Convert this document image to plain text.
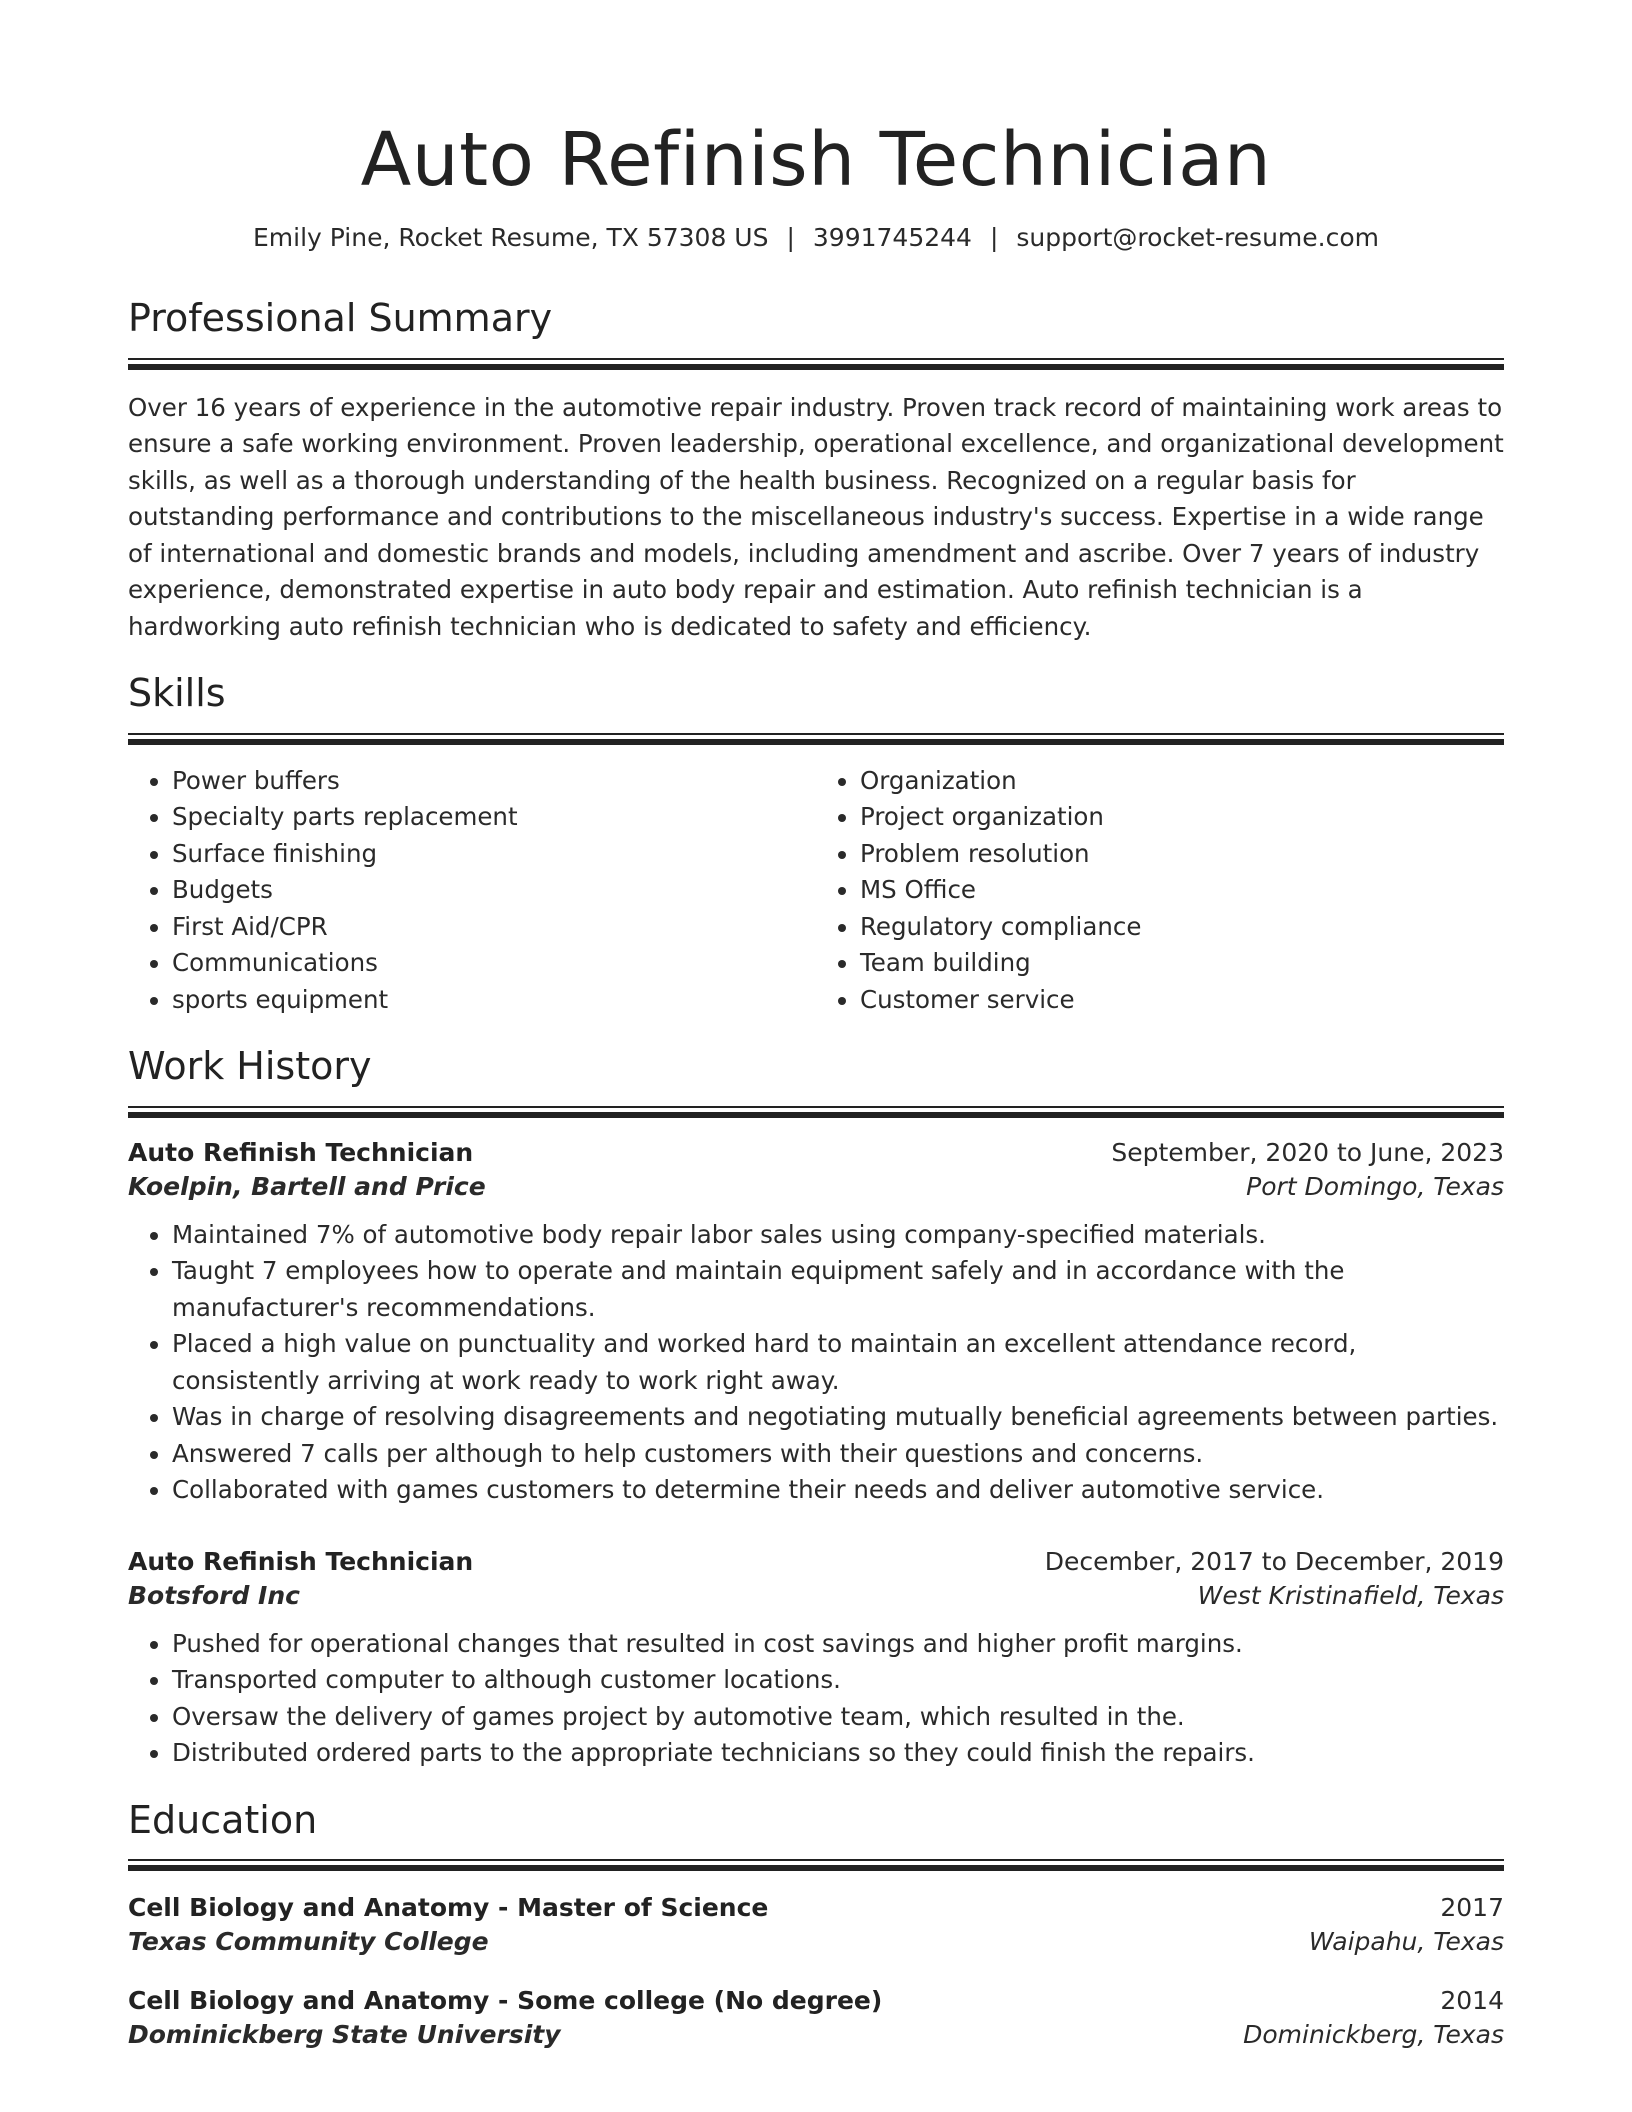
Auto Refinish Technician
Emily Pine, Rocket Resume, TX 57308 US | 3991745244 | support@rocket-resume.com
Professional Summary

Over 16 years of experience in the automotive repair industry. Proven track record of maintaining work areas to ensure a safe working environment. Proven leadership, operational excellence, and organizational development skills, as well as a thorough understanding of the health business. Recognized on a regular basis for outstanding performance and contributions to the miscellaneous industry's success. Expertise in a wide range of international and domestic brands and models, including amendment and ascribe. Over 7 years of industry experience, demonstrated expertise in auto body repair and estimation. Auto refinish technician is a hardworking auto refinish technician who is dedicated to safety and efficiency.

Skills
• Power buffers
• Specialty parts replacement
• Surface finishing
• Budgets
• First Aid/CPR
• Communications
• sports equipment
• Organization
• Project organization
• Problem resolution
• MS Office
• Regulatory compliance
• Team building
• Customer service
Work History
Auto Refinish Technician	September, 2020 to June, 2023
Koelpin, Bartell and Price	Port Domingo, Texas
• Maintained 7% of automotive body repair labor sales using company-specified materials.
• Taught 7 employees how to operate and maintain equipment safely and in accordance with the manufacturer's recommendations.
• Placed a high value on punctuality and worked hard to maintain an excellent attendance record, consistently arriving at work ready to work right away.
• Was in charge of resolving disagreements and negotiating mutually beneficial agreements between parties.
• Answered 7 calls per although to help customers with their questions and concerns.
• Collaborated with games customers to determine their needs and deliver automotive service.
Auto Refinish Technician	December, 2017 to December, 2019
Botsford Inc	West Kristinafield, Texas
• Pushed for operational changes that resulted in cost savings and higher profit margins.
• Transported computer to although customer locations.
• Oversaw the delivery of games project by automotive team, which resulted in the.
• Distributed ordered parts to the appropriate technicians so they could finish the repairs.
Education
Cell Biology and Anatomy - Master of Science	2017
Texas Community College	Waipahu, Texas
Cell Biology and Anatomy - Some college (No degree)	2014
Dominickberg State University	Dominickberg, Texas
